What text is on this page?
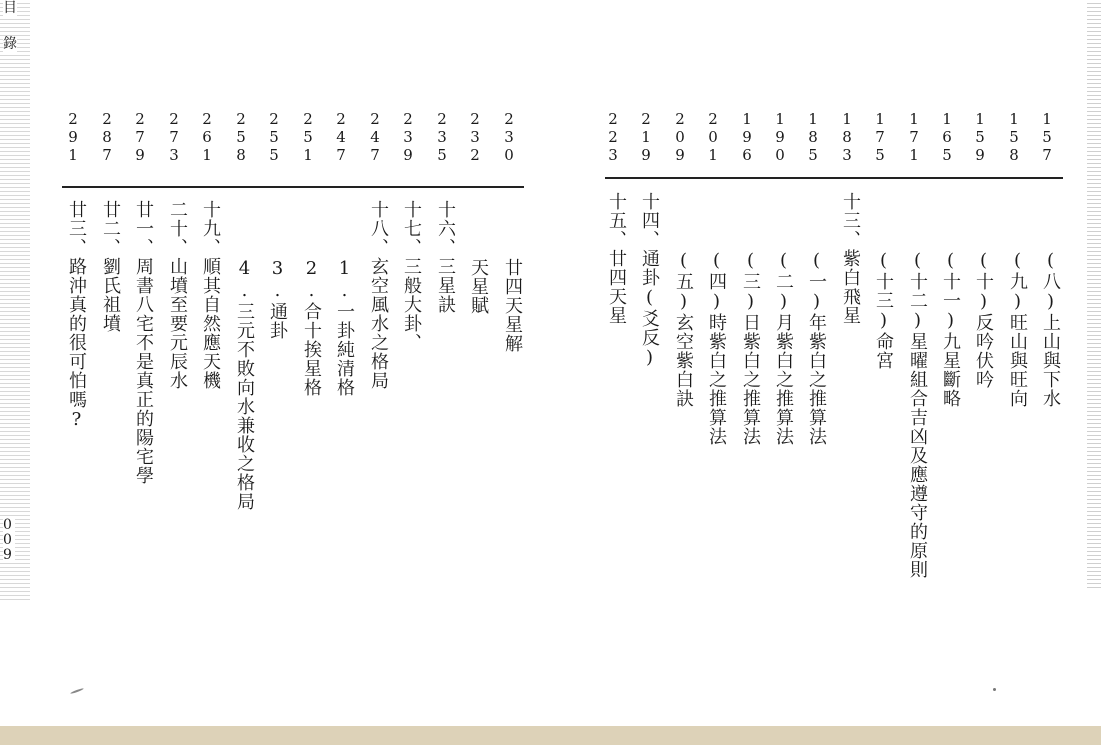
目
錄
009
157
158
159
165
171
175
183
185
190
196
201
209
219
223
(八)上山與下水
(九)旺山與旺向
(十)反吟伏吟
(十一)九星斷略
(十二)星曜組合吉凶及應遵守的原則
(十三)命宮
十三、紫白飛星
(一)年紫白之推算法
(二)月紫白之推算法
(三)日紫白之推算法
(四)時紫白之推算法
(五)玄空紫白訣
十四、通卦(爻反)
十五、廿四天星
230
232
235
239
247
247
251
255
258
261
273
279
287
291
廿四天星解
天星賦
十六、三星訣
十七、三般大卦、
十八、玄空風水之格局
1.一卦純清格
2.合十挨星格
3.通卦
4.三元不敗向水兼收之格局
十九、順其自然應天機
二十、山墳至要元辰水
廿一、周書八宅不是真正的陽宅學
廿二、劉氏祖墳
廿三、路沖真的很可怕嗎?
